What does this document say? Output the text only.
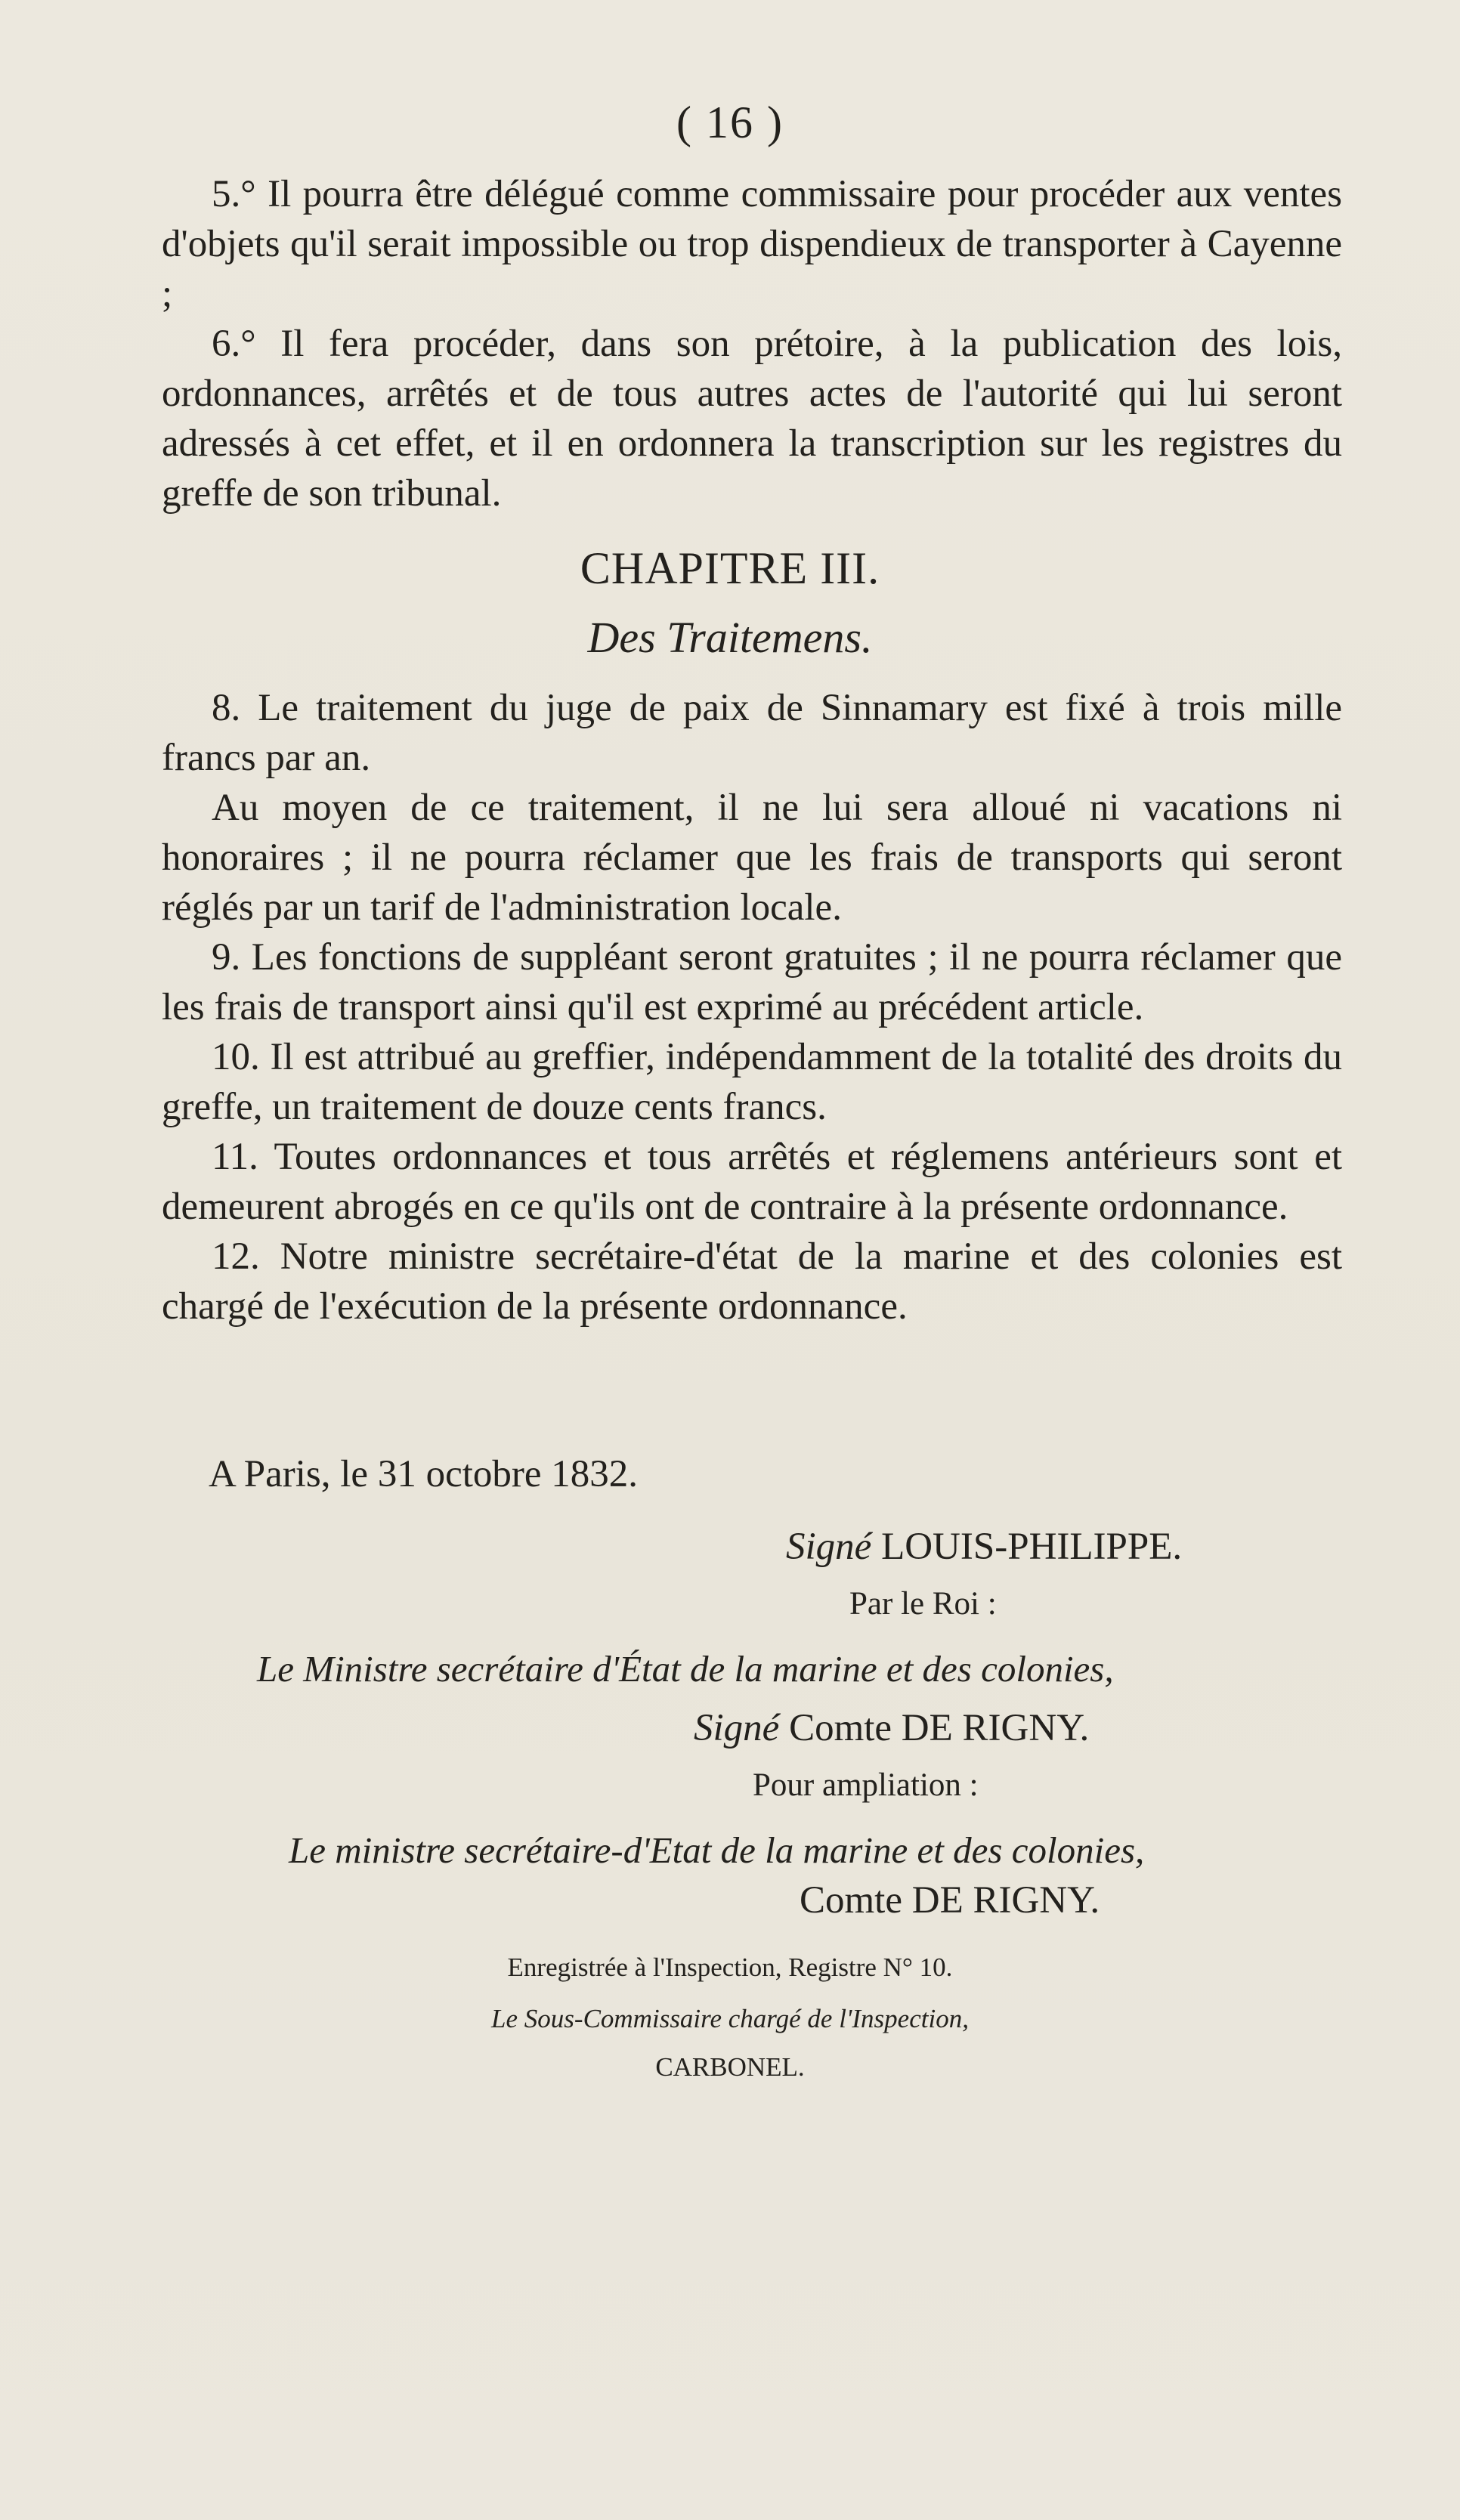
( 16 )

5.° Il pourra être délégué comme commissaire pour procéder aux ventes d'objets qu'il serait impossible ou trop dispendieux de transporter à Cayenne ;

6.° Il fera procéder, dans son prétoire, à la publication des lois, ordonnances, arrêtés et de tous autres actes de l'autorité qui lui seront adressés à cet effet, et il en ordonnera la transcription sur les registres du greffe de son tribunal.

CHAPITRE III.
Des Traitemens.

8. Le traitement du juge de paix de Sinnamary est fixé à trois mille francs par an.

Au moyen de ce traitement, il ne lui sera alloué ni vacations ni honoraires ; il ne pourra réclamer que les frais de transports qui seront réglés par un tarif de l'administration locale.

9. Les fonctions de suppléant seront gratuites ; il ne pourra réclamer que les frais de transport ainsi qu'il est exprimé au précédent article.

10. Il est attribué au greffier, indépendamment de la totalité des droits du greffe, un traitement de douze cents francs.

11. Toutes ordonnances et tous arrêtés et réglemens antérieurs sont et demeurent abrogés en ce qu'ils ont de contraire à la présente ordonnance.

12. Notre ministre secrétaire-d'état de la marine et des colonies est chargé de l'exécution de la présente ordonnance.

A Paris, le 31 octobre 1832.
Signé LOUIS-PHILIPPE.
Par le Roi :
Le Ministre secrétaire d'État de la marine et des colonies,
Signé Comte DE RIGNY.
Pour ampliation :
Le ministre secrétaire-d'Etat de la marine et des colonies,
Comte DE RIGNY.
Enregistrée à l'Inspection, Registre N° 10.
Le Sous-Commissaire chargé de l'Inspection,
CARBONEL.
